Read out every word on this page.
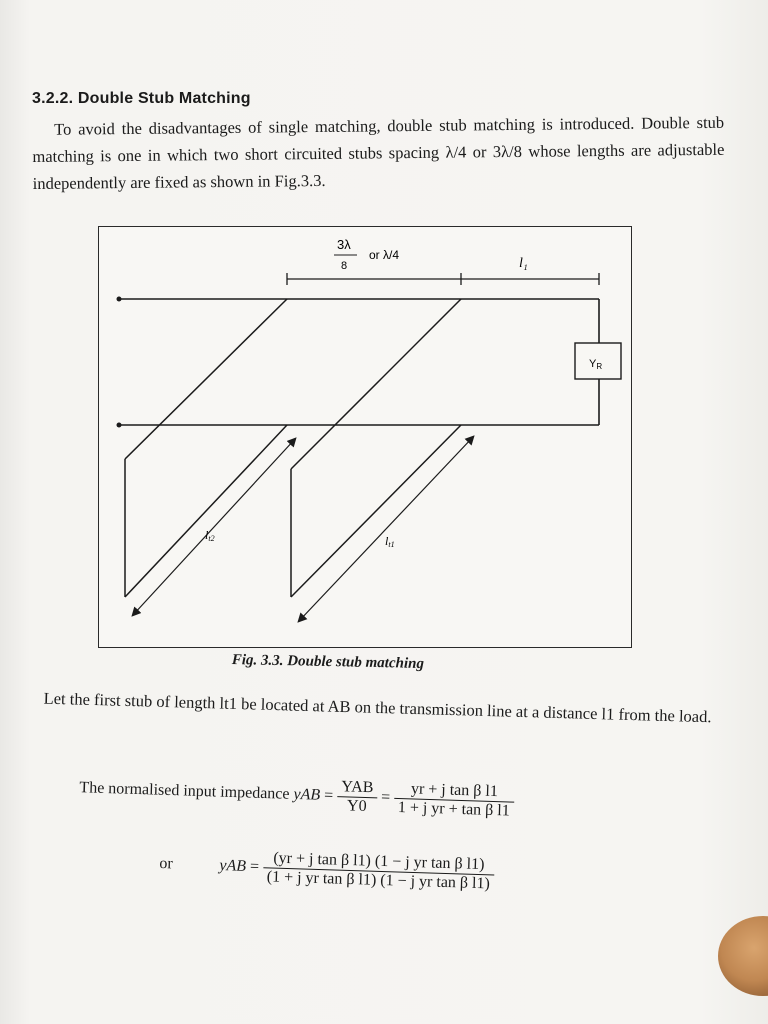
3.2.2. Double Stub Matching
To avoid the disadvantages of single matching, double stub matching is introduced. Double stub matching is one in which two short circuited stubs spacing λ/4 or 3λ/8 whose lengths are adjustable independently are fixed as shown in Fig.3.3.
3λ
8
or λ/4
l₁
YR
lt2	lt1
Fig. 3.3. Double stub matching
Let the first stub of length lt1 be located at AB on the transmission line at a distance l1 from the load.
The normalised input impedance yAB = $\frac{\text{YAB}}{Y0} = \frac{\text{yr + j tan β l1}}{\text{1 + j yr + tan β l1}}$
or	yAB = (yr + j tan β l1) (1 − j yr tan β l1)
(1 + j yr tan β l1) (1 − j yr tan β l1)
